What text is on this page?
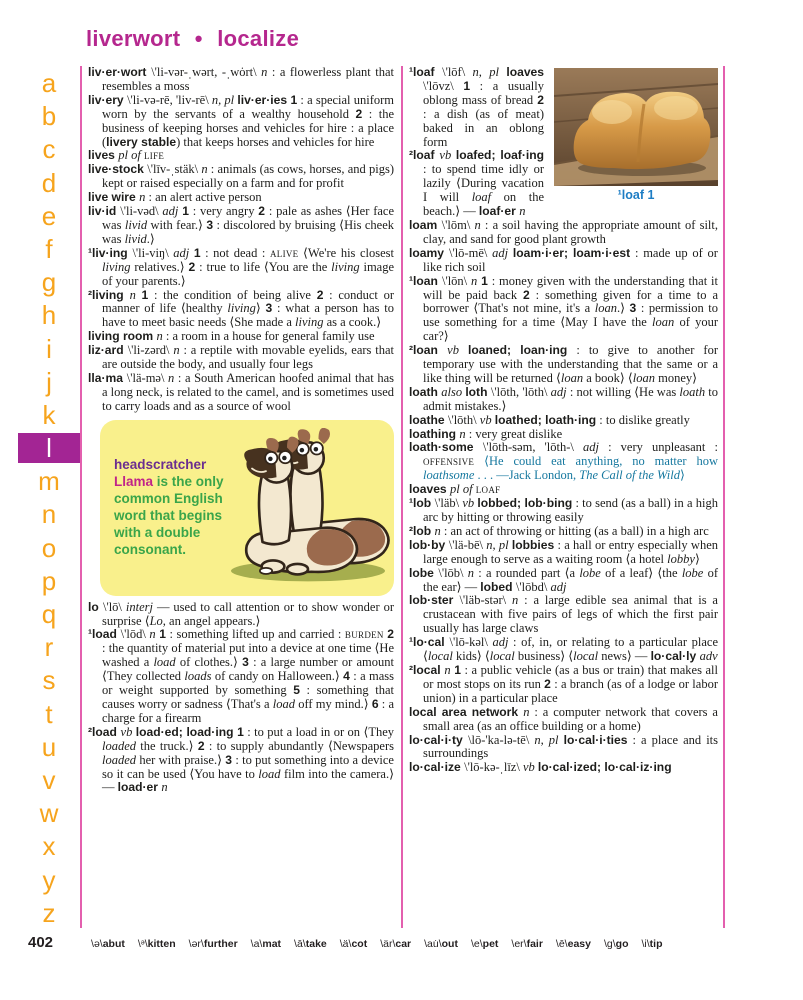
liverwort • localize
a
b
c
d
e
f
g
h
i
j
k
l
m
n
o
p
q
r
s
t
u
v
w
x
y
z

liv·er·wort \'li-vər-ˌwərt, -ˌwȯrt\ n : a flowerless plant that resembles a moss

liv·ery \'li-və-rē, 'liv-rē\ n, pl liv·er·ies 1 : a special uniform worn by the servants of a wealthy household 2 : the business of keeping horses and vehicles for hire : a place (livery stable) that keeps horses and vehicles for hire

lives pl of life

live·stock \'līv-ˌstäk\ n : animals (as cows, horses, and pigs) kept or raised especially on a farm and for profit

live wire n : an alert active person

liv·id \'li-vəd\ adj 1 : very angry 2 : pale as ashes ⟨Her face was livid with fear.⟩ 3 : discolored by bruising ⟨His cheek was livid.⟩

¹liv·ing \'li-viŋ\ adj 1 : not dead : alive ⟨We're his closest living relatives.⟩ 2 : true to life ⟨You are the living image of your parents.⟩

²living n 1 : the condition of being alive 2 : conduct or manner of life ⟨healthy living⟩ 3 : what a person has to have to meet basic needs ⟨She made a living as a cook.⟩

living room n : a room in a house for general family use

liz·ard \'li-zərd\ n : a reptile with movable eyelids, ears that are outside the body, and usually four legs

lla·ma \'lä-mə\ n : a South American hoofed animal that has a long neck, is related to the camel, and is sometimes used to carry loads and as a source of wool

headscratcher
Llama is the only common English word that begins with a double consonant.

lo \'lō\ interj — used to call attention or to show wonder or surprise ⟨Lo, an angel appears.⟩

¹load \'lōd\ n 1 : something lifted up and carried : burden 2 : the quantity of material put into a device at one time ⟨He washed a load of clothes.⟩ 3 : a large number or amount ⟨They collected loads of candy on Halloween.⟩ 4 : a mass or weight supported by something 5 : something that causes worry or sadness ⟨That's a load off my mind.⟩ 6 : a charge for a firearm

²load vb load·ed; load·ing 1 : to put a load in or on ⟨They loaded the truck.⟩ 2 : to supply abundantly ⟨Newspapers loaded her with praise.⟩ 3 : to put something into a device so it can be used ⟨You have to load film into the camera.⟩ — load·er n

¹loaf 1

¹loaf \'lōf\ n, pl loaves \'lōvz\ 1 : a usually oblong mass of bread 2 : a dish (as of meat) baked in an oblong form

²loaf vb loafed; loaf·ing : to spend time idly or lazily ⟨During vacation I will loaf on the beach.⟩ — loaf·er n

loam \'lōm\ n : a soil having the appropriate amount of silt, clay, and sand for good plant growth

loamy \'lō-mē\ adj loam·i·er; loam·i·est : made up of or like rich soil

¹loan \'lōn\ n 1 : money given with the understanding that it will be paid back 2 : something given for a time to a borrower ⟨That's not mine, it's a loan.⟩ 3 : permission to use something for a time ⟨May I have the loan of your car?⟩

²loan vb loaned; loan·ing : to give to another for temporary use with the understanding that the same or a like thing will be returned ⟨loan a book⟩ ⟨loan money⟩

loath also loth \'lōth, 'lōth\ adj : not willing ⟨He was loath to admit mistakes.⟩

loathe \'lōth\ vb loathed; loath·ing : to dislike greatly

loathing n : very great dislike

loath·some \'lōth-səm, 'lōth-\ adj : very unpleasant : offensive ⟨He could eat anything, no matter how loathsome . . . —Jack London, The Call of the Wild⟩

loaves pl of loaf

¹lob \'läb\ vb lobbed; lob·bing : to send (as a ball) in a high arc by hitting or throwing easily

²lob n : an act of throwing or hitting (as a ball) in a high arc

lob·by \'lä-bē\ n, pl lobbies : a hall or entry especially when large enough to serve as a waiting room ⟨a hotel lobby⟩

lobe \'lōb\ n : a rounded part ⟨a lobe of a leaf⟩ ⟨the lobe of the ear⟩ — lobed \'lōbd\ adj

lob·ster \'läb-stər\ n : a large edible sea animal that is a crustacean with five pairs of legs of which the first pair usually has large claws

¹lo·cal \'lō-kəl\ adj : of, in, or relating to a particular place ⟨local kids⟩ ⟨local business⟩ ⟨local news⟩ — lo·cal·ly adv

²local n 1 : a public vehicle (as a bus or train) that makes all or most stops on its run 2 : a branch (as of a lodge or labor union) in a particular place

local area network n : a computer network that covers a small area (as an office building or a home)

lo·cal·i·ty \lō-'ka-lə-tē\ n, pl lo·cal·i·ties : a place and its surroundings

lo·cal·ize \'lō-kə-ˌlīz\ vb lo·cal·ized; lo·cal·iz·ing

402	\ə\abut \ᵊ\kitten \ər\further \a\mat \ā\take \ä\cot \är\car \au̇\out \e\pet \er\fair \ē\easy \g\go \i\tip
